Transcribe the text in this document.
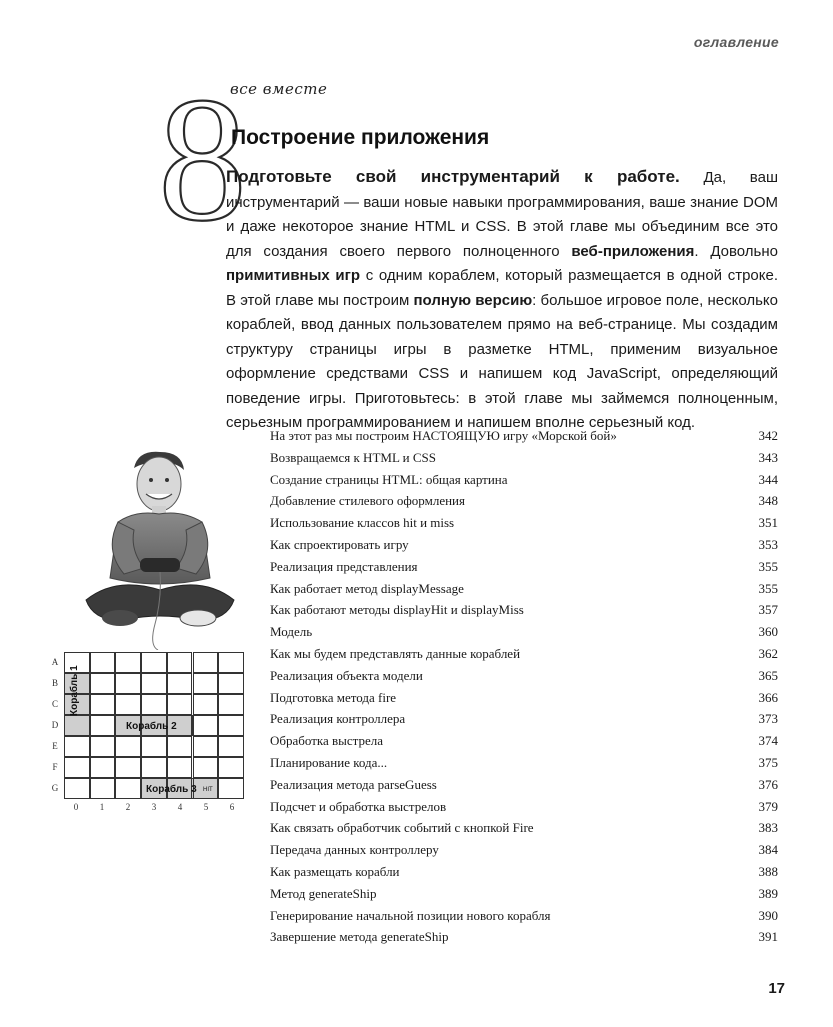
оглавление
8
все вместе
Построение приложения
Подготовьте свой инструментарий к работе. Да, ваш инструментарий — ваши новые навыки программирования, ваше знание DOM и даже некоторое знание HTML и CSS. В этой главе мы объединим все это для создания своего первого полноценного веб-приложения. Довольно примитивных игр с одним кораблем, который размещается в одной строке. В этой главе мы построим полную версию: большое игровое поле, несколько кораблей, ввод данных пользователем прямо на веб-странице. Мы создадим структуру страницы игры в разметке HTML, применим визуальное оформление средствами CSS и напишем код JavaScript, определяющий поведение игры. Приготовьтесь: в этой главе мы займемся полноценным, серьезным программированием и напишем вполне серьезный код.
A
B
C
D
E
F
G
Корабль 1
Корабль 2
Корабль 3 HIT
0	1	2	3	4	5	6
На этот раз мы построим НАСТОЯЩУЮ игру «Морской бой»	342
Возвращаемся к HTML и CSS	343
Создание страницы HTML: общая картина	344
Добавление стилевого оформления	348
Использование классов hit и miss	351
Как спроектировать игру	353
Реализация представления	355
Как работает метод displayMessage	355
Как работают методы displayHit и displayMiss	357
Модель	360
Как мы будем представлять данные кораблей	362
Реализация объекта модели	365
Подготовка метода fire	366
Реализация контроллера	373
Обработка выстрела	374
Планирование кода...	375
Реализация метода parseGuess	376
Подсчет и обработка выстрелов	379
Как связать обработчик событий с кнопкой Fire	383
Передача данных контроллеру	384
Как размещать корабли	388
Метод generateShip	389
Генерирование начальной позиции нового корабля	390
Завершение метода generateShip	391
17
